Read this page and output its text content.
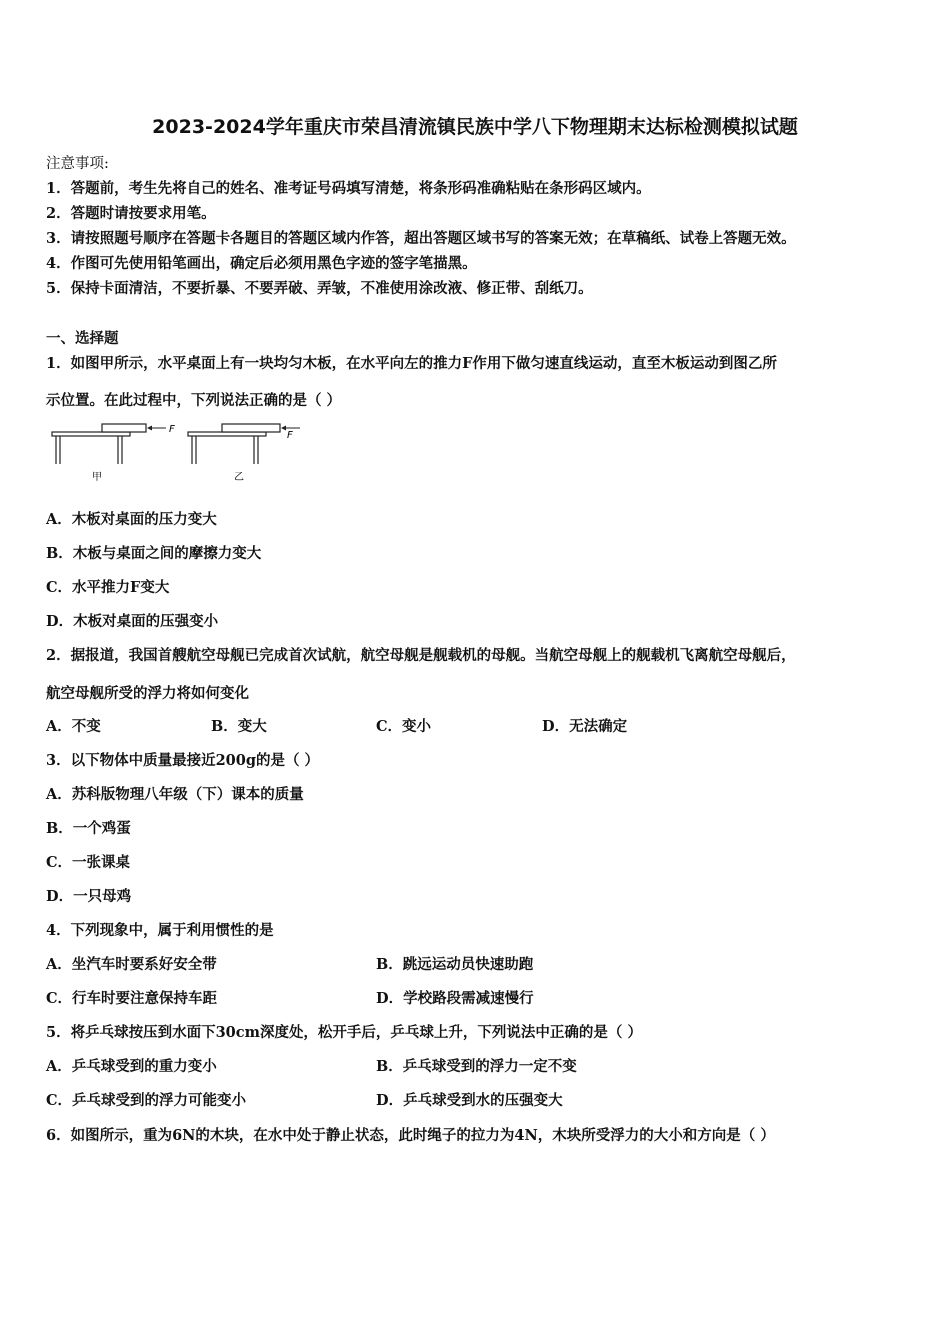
2023-2024学年重庆市荣昌清流镇民族中学八下物理期末达标检测模拟试题
注意事项:
1．答题前，考生先将自己的姓名、准考证号码填写清楚，将条形码准确粘贴在条形码区域内。
2．答题时请按要求用笔。
3．请按照题号顺序在答题卡各题目的答题区域内作答，超出答题区域书写的答案无效；在草稿纸、试卷上答题无效。
4．作图可先使用铅笔画出，确定后必须用黑色字迹的签字笔描黑。
5．保持卡面清洁，不要折暴、不要弄破、弄皱，不准使用涂改液、修正带、刮纸刀。
一、选择题
1．如图甲所示，水平桌面上有一块均匀木板，在水平向左的推力F作用下做匀速直线运动，直至木板运动到图乙所
示位置。在此过程中，下列说法正确的是（ ）
F
甲
F
乙
A．木板对桌面的压力变大
B．木板与桌面之间的摩擦力变大
C．水平推力F变大
D．木板对桌面的压强变小
2．据报道，我国首艘航空母舰已完成首次试航，航空母舰是舰载机的母舰。当航空母舰上的舰载机飞离航空母舰后，
航空母舰所受的浮力将如何变化
A．不变	B．变大	C．变小	D．无法确定
3．以下物体中质量最接近200g的是（ ）
A．苏科版物理八年级（下）课本的质量
B．一个鸡蛋
C．一张课桌
D．一只母鸡
4．下列现象中，属于利用惯性的是
A．坐汽车时要系好安全带	B．跳远运动员快速助跑
C．行车时要注意保持车距	D．学校路段需减速慢行
5．将乒乓球按压到水面下30cm深度处，松开手后，乒乓球上升，下列说法中正确的是（ ）
A．乒乓球受到的重力变小	B．乒乓球受到的浮力一定不变
C．乒乓球受到的浮力可能变小	D．乒乓球受到水的压强变大
6．如图所示，重为6N的木块，在水中处于静止状态，此时绳子的拉力为4N，木块所受浮力的大小和方向是（ ）
